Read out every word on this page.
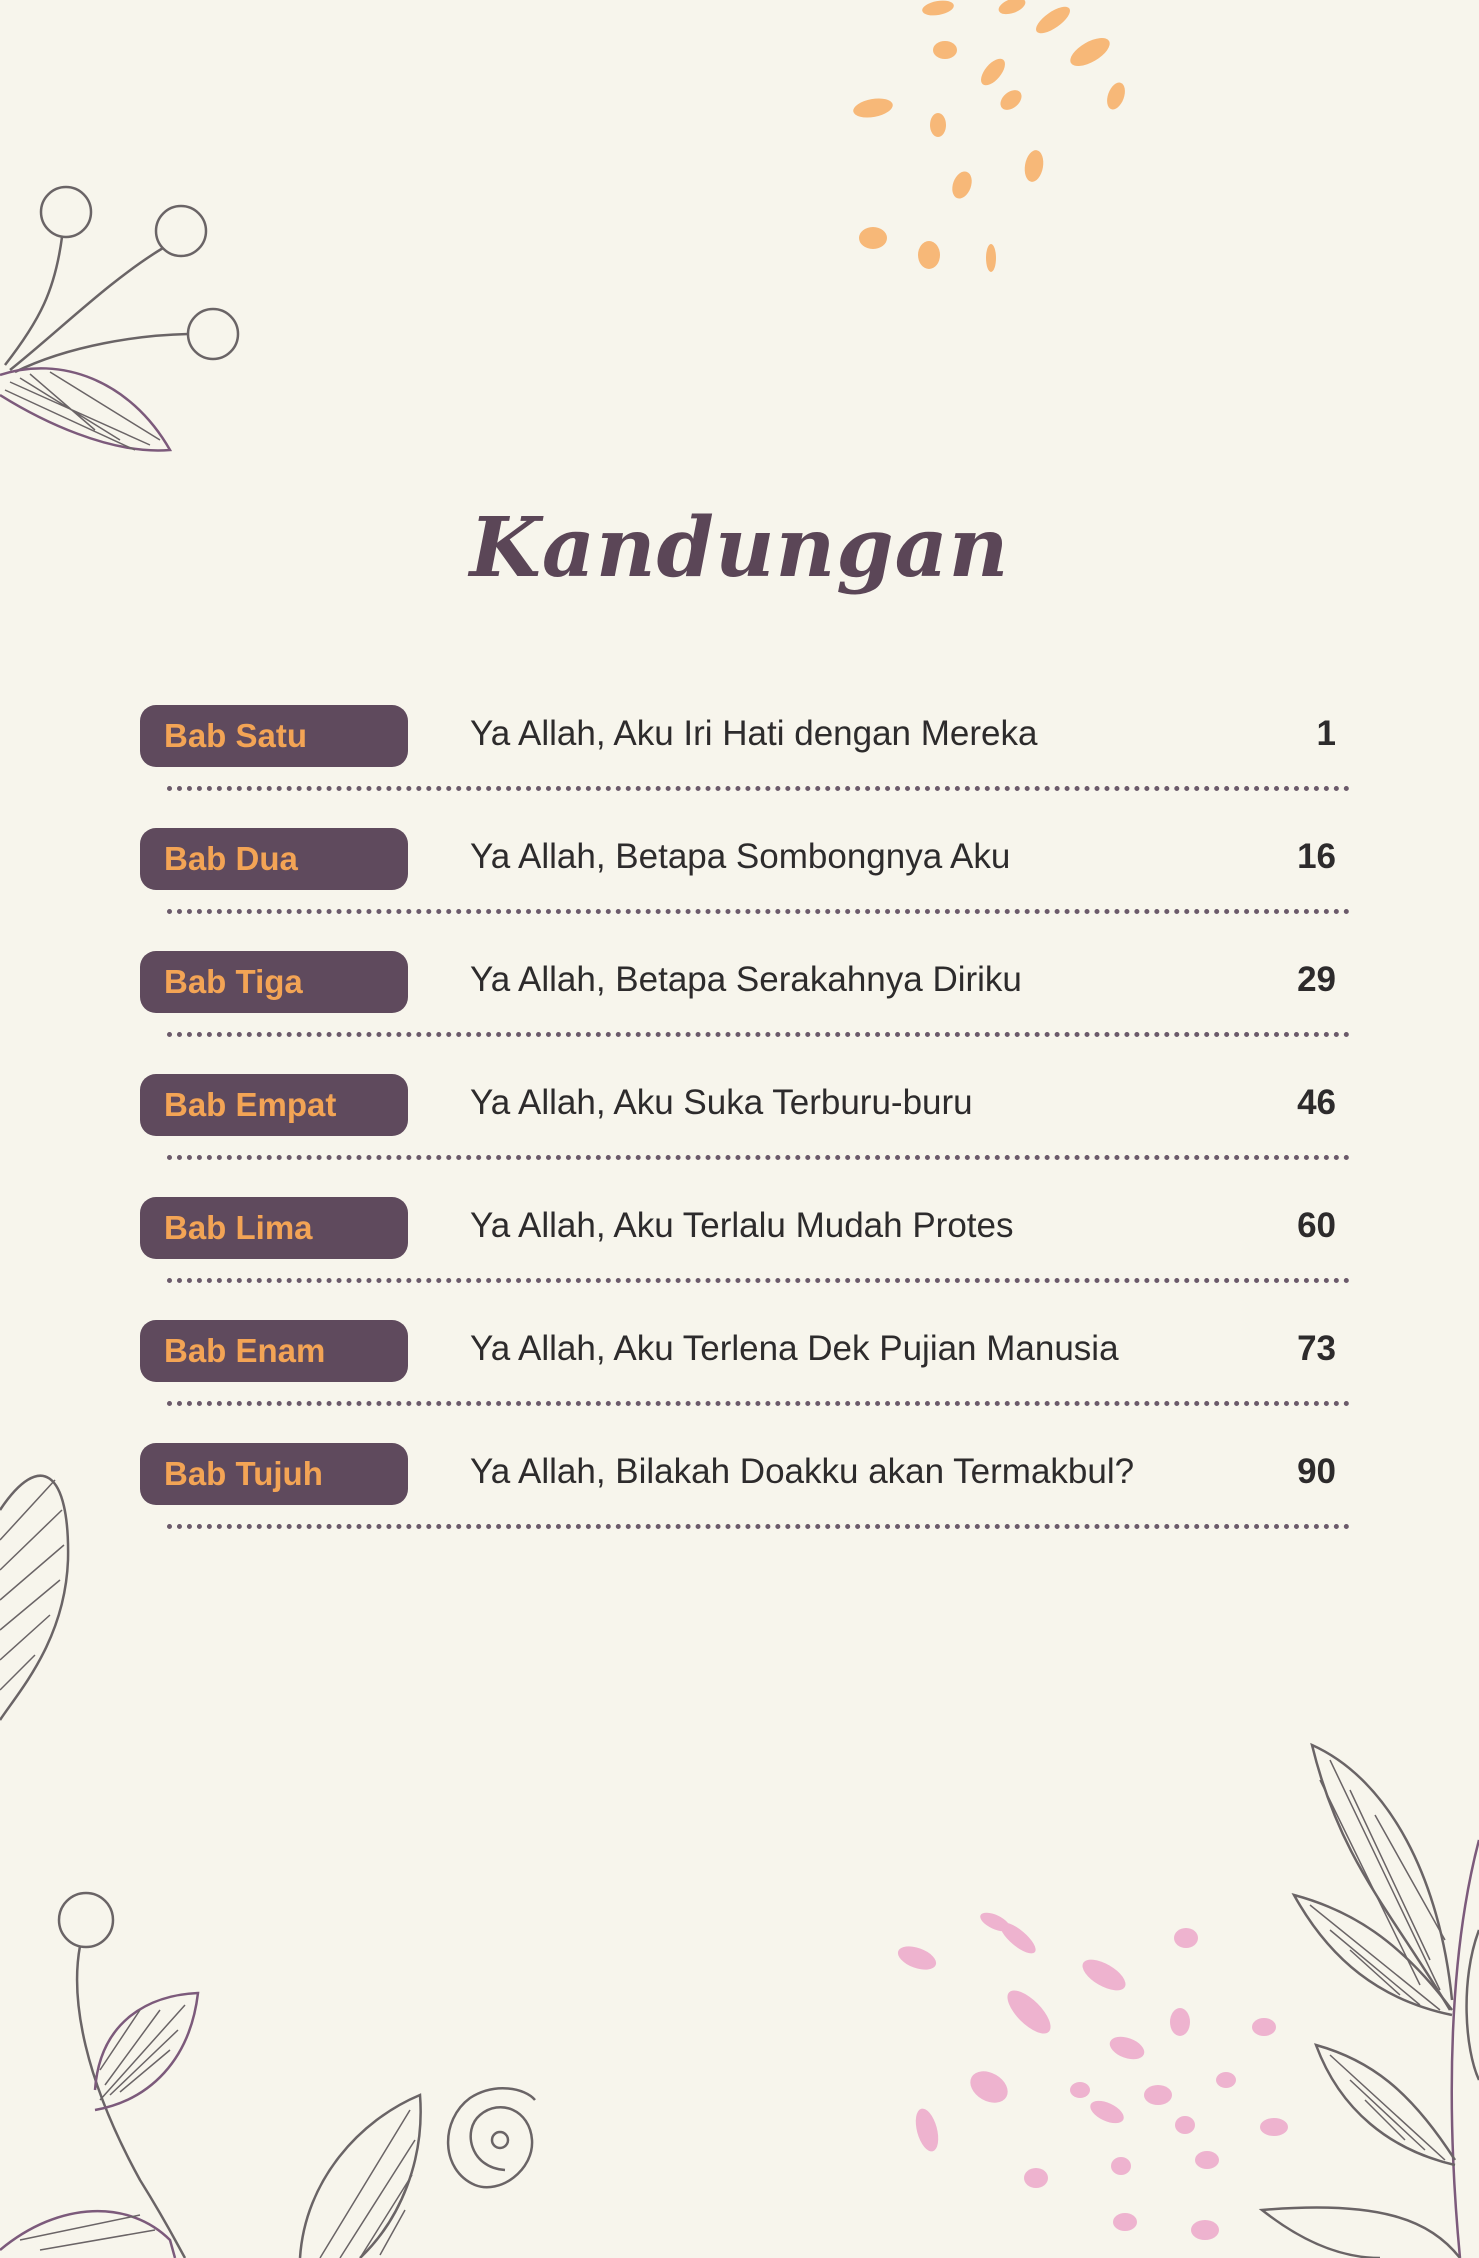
Kandungan
Bab Satu	Ya Allah, Aku Iri Hati dengan Mereka	1
Bab Dua	Ya Allah, Betapa Sombongnya Aku	16
Bab Tiga	Ya Allah, Betapa Serakahnya Diriku	29
Bab Empat	Ya Allah, Aku Suka Terburu-buru	46
Bab Lima	Ya Allah, Aku Terlalu Mudah Protes	60
Bab Enam	Ya Allah, Aku Terlena Dek Pujian Manusia	73
Bab Tujuh	Ya Allah, Bilakah Doakku akan Termakbul?	90
